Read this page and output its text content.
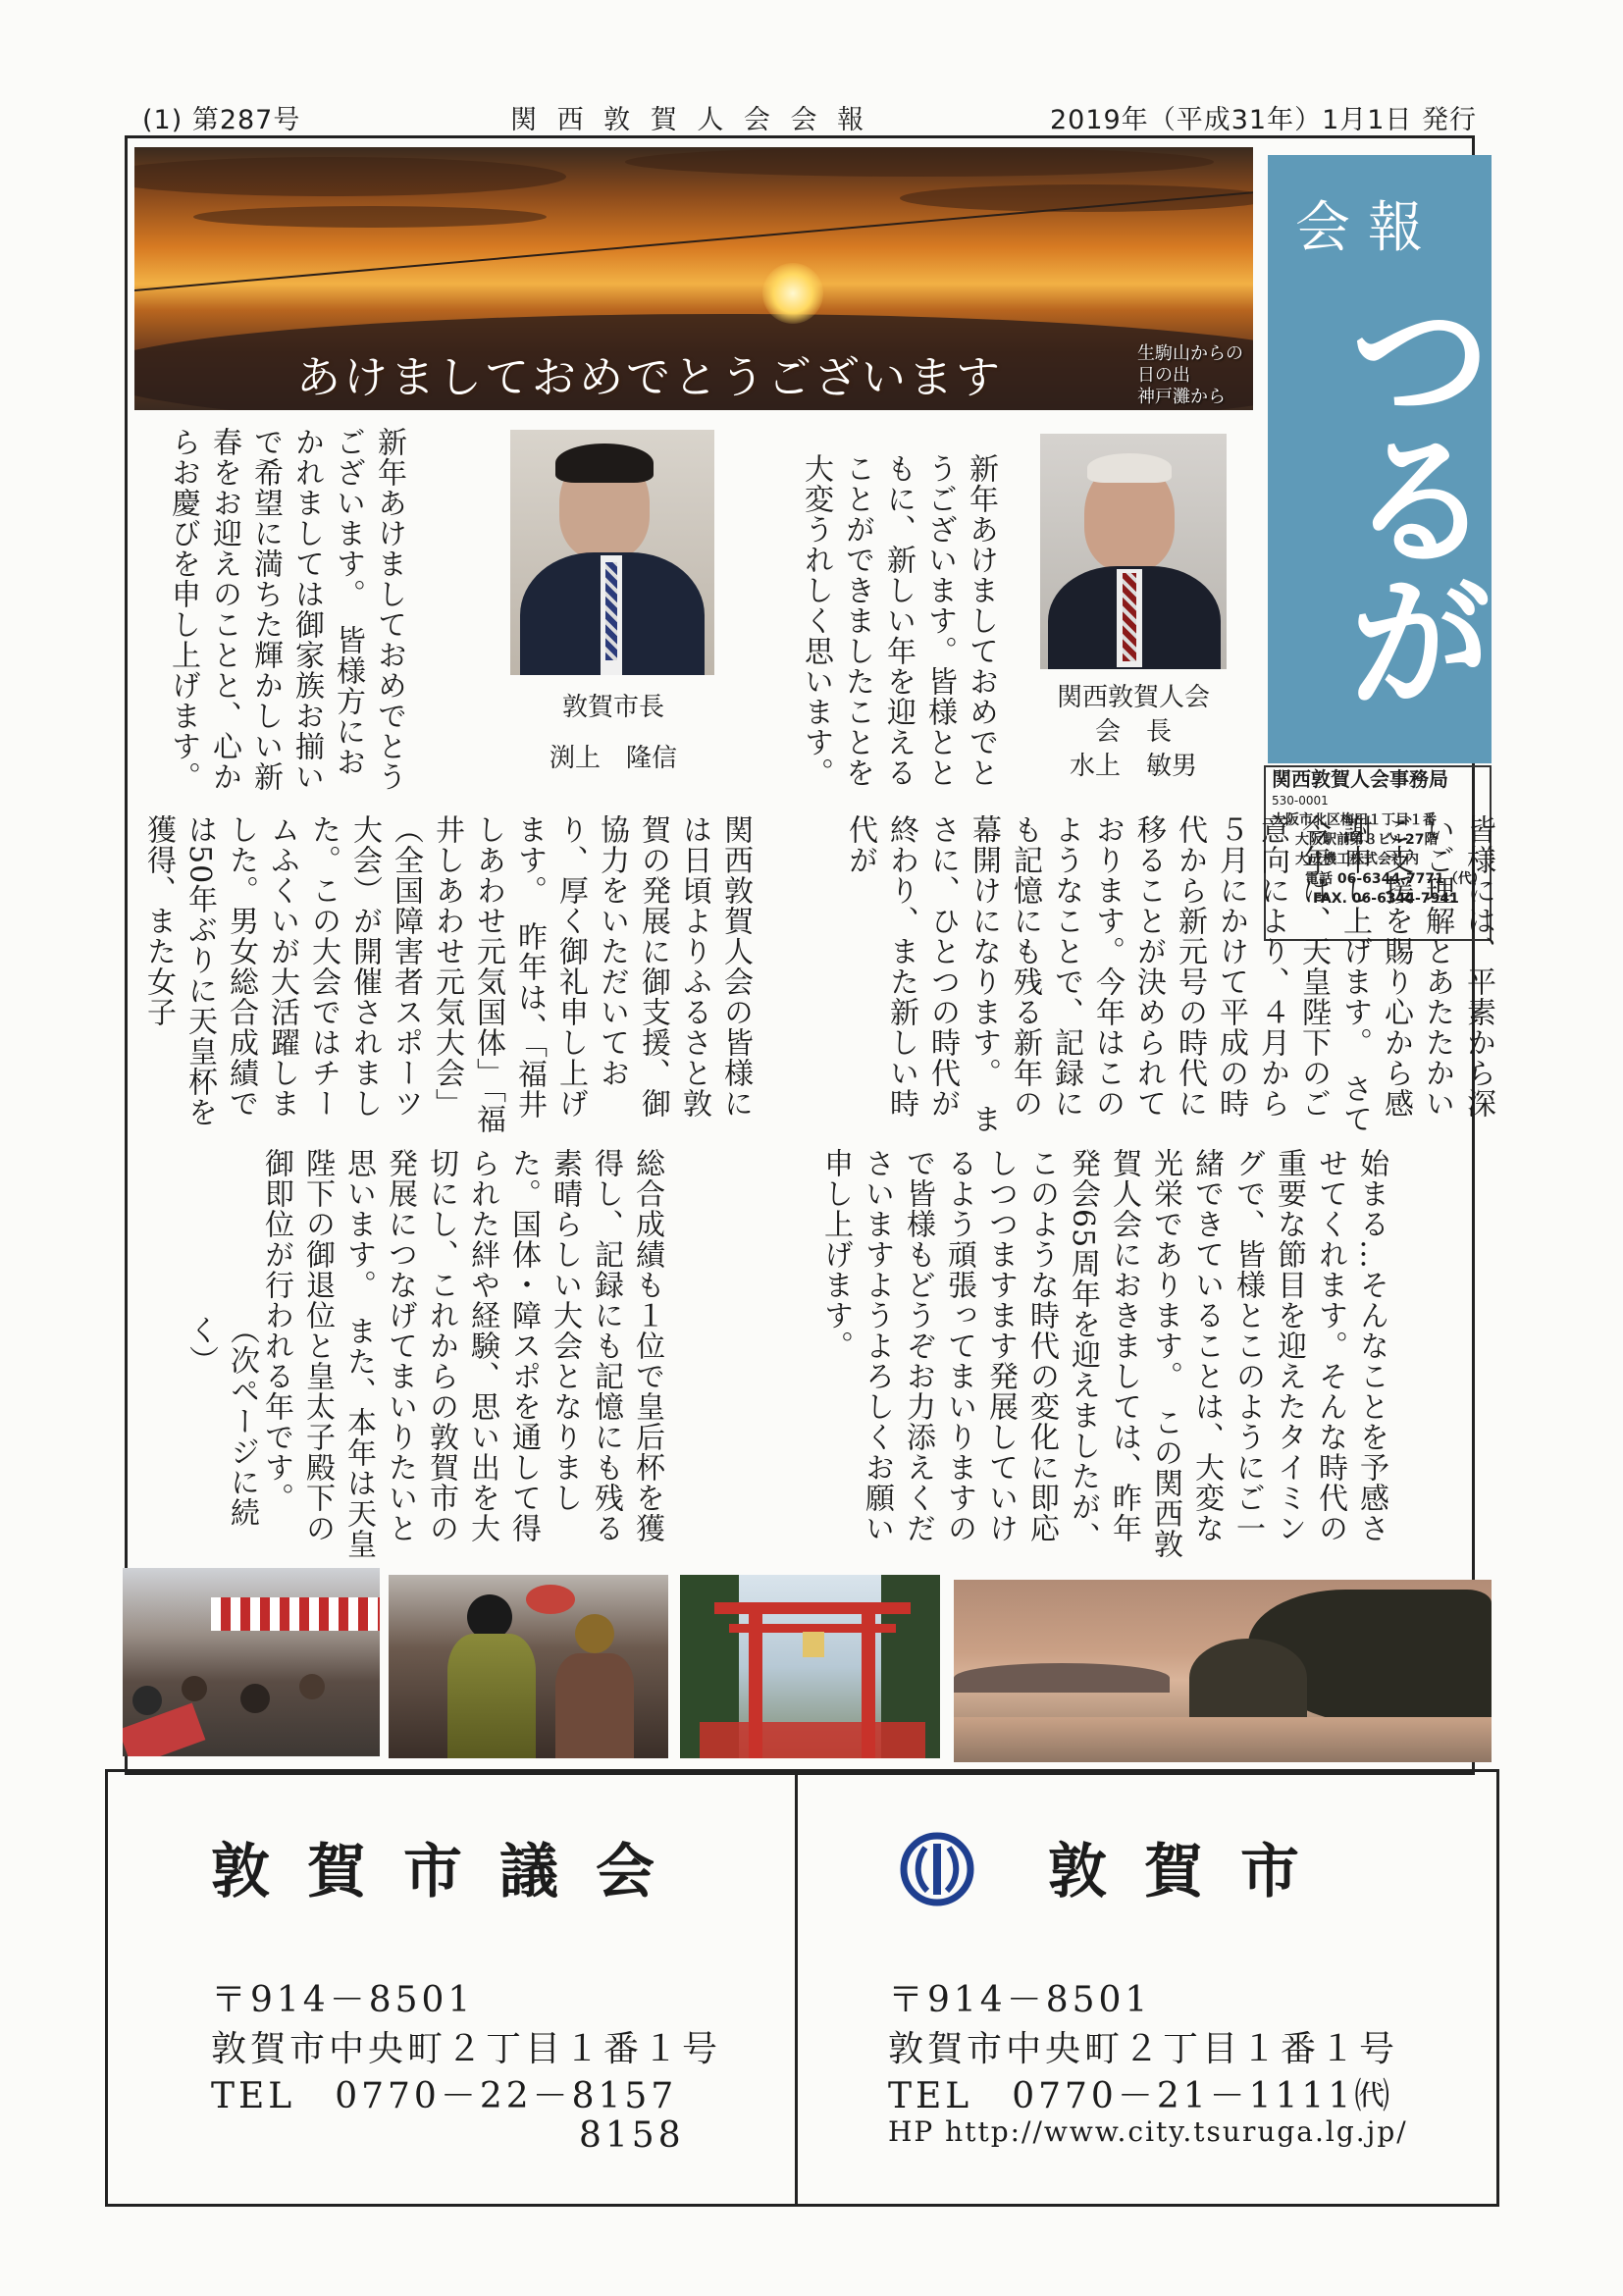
(1) 第287号	関 西 敦 賀 人 会 会 報	2019年（平成31年）1月1日 発行
あけましておめでとうございます	生駒山からの
日の出
神戸灘から
会報
つるが
関西敦賀人会事務局
530-0001
大阪市北区梅田１丁目１番
大阪駅前第３ビル27階
大成機工株式会社内
電話 06-6344-7771（代）
FAX. 06-6344-7941
新年あけましておめでとうございます。　皆様方におかれましては御家族お揃いで希望に満ちた輝かしい新春をお迎えのことと、心からお慶びを申し上げます。	敦賀市長
渕上　隆信	新年あけましておめでとうございます。皆様とともに、新しい年を迎えることができましたことを大変うれしく思います。	関西敦賀人会
会　長
水上　敏男
皆様には、平素から深いご理解とあたたかいご支援を賜り心から感謝申し上げます。　さて今年は、天皇陛下のご意向により、４月から５月にかけて平成の時代から新元号の時代に移ることが決められております。今年はこのようなことで、記録にも記憶にも残る新年の幕開けになります。　まさに、ひとつの時代が終わり、また新しい時代が
関西敦賀人会の皆様には日頃よりふるさと敦賀の発展に御支援、御協力をいただいており、厚く御礼申し上げます。　昨年は、「福井しあわせ元気国体」「福井しあわせ元気大会」（全国障害者スポーツ大会）が開催されました。この大会ではチームふくいが大活躍しました。男女総合成績では50年ぶりに天皇杯を獲得、また女子
始まる…そんなことを予感させてくれます。そんな時代の重要な節目を迎えたタイミングで、皆様とこのようにご一緒できていることは、大変な光栄であります。　この関西敦賀人会におきましては、昨年発会65周年を迎えましたが、このような時代の変化に即応しつつますます発展していけるよう頑張ってまいりますので皆様もどうぞお力添えくださいますようよろしくお願い申し上げます。
総合成績も１位で皇后杯を獲得し、記録にも記憶にも残る素晴らしい大会となりました。国体・障スポを通して得られた絆や経験、思い出を大切にし、これからの敦賀市の発展につなげてまいりたいと思います。　また、本年は天皇陛下の御退位と皇太子殿下の御即位が行われる年です。
（次ページに続く）
敦賀市議会
〒914－8501
敦賀市中央町２丁目１番１号
TEL　0770－22－8157
8158
敦賀市
〒914－8501
敦賀市中央町２丁目１番１号
TEL　0770－21－1111㈹
HP http://www.city.tsuruga.lg.jp/
